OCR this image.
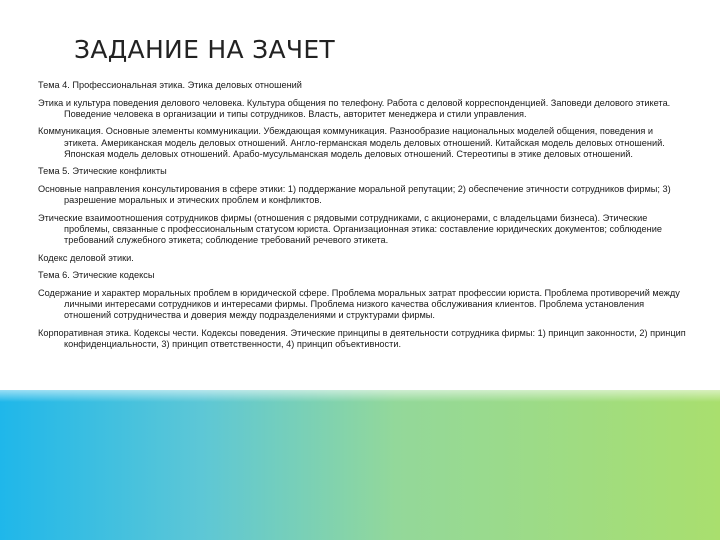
ЗАДАНИЕ НА ЗАЧЕТ

Тема 4. Профессиональная этика. Этика деловых отношений

Этика и культура поведения делового человека. Культура общения по телефону. Работа с деловой корреспонденцией. Заповеди делового этикета. Поведение человека в организации и типы сотрудников. Власть, авторитет менеджера и стили управления.

Коммуникация. Основные элементы коммуникации. Убеждающая коммуникация. Разнообразие национальных моделей общения, поведения и этикета. Американская модель деловых отношений. Англо-германская модель деловых отношений. Китайская модель деловых отношений. Японская модель деловых отношений. Арабо-мусульманская модель деловых отношений. Стереотипы в этике деловых отношений.

Тема 5. Этические конфликты

Основные направления консультирования в сфере этики: 1) поддержание моральной репутации; 2) обеспечение этичности сотрудников фирмы; 3) разрешение моральных и этических проблем и конфликтов.

Этические взаимоотношения сотрудников фирмы (отношения с рядовыми сотрудниками, с акционерами, с владельцами бизнеса). Этические проблемы, связанные с профессиональным статусом юриста. Организационная этика: составление юридических документов; соблюдение требований служебного этикета; соблюдение требований речевого этикета.

Кодекс деловой этики.

Тема 6. Этические кодексы

Содержание и характер моральных проблем в юридической сфере. Проблема моральных затрат профессии юриста. Проблема противоречий между личными интересами сотрудников и интересами фирмы. Проблема низкого качества обслуживания клиентов. Проблема установления отношений сотрудничества и доверия между подразделениями и структурами фирмы.

Корпоративная этика. Кодексы чести. Кодексы поведения. Этические принципы в деятельности сотрудника фирмы: 1) принцип законности, 2) принцип конфиденциальности, 3) принцип ответственности, 4) принцип объективности.
